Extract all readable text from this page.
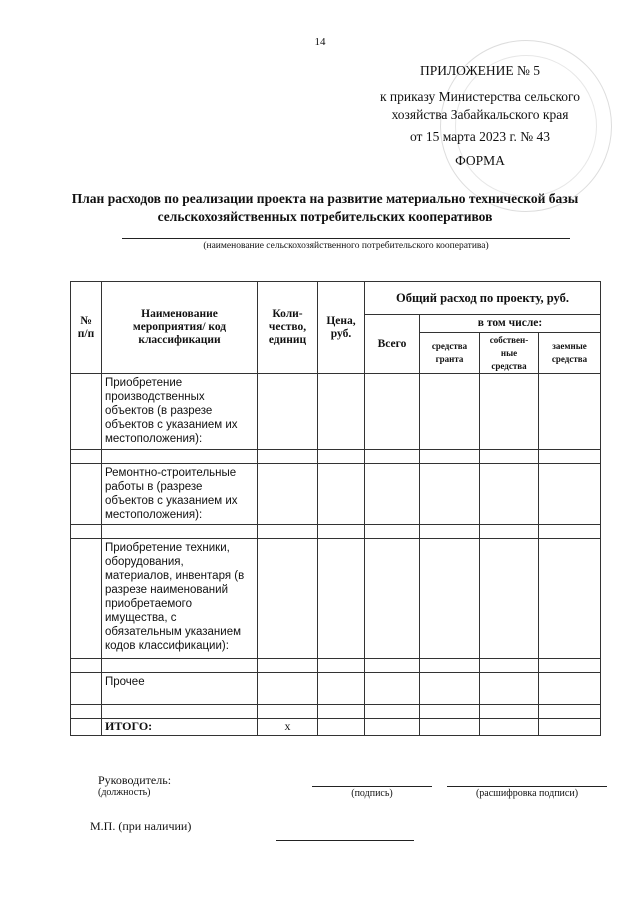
14
ПРИЛОЖЕНИЕ № 5
к приказу Министерства сельского
хозяйства Забайкальского края
от 15 марта 2023 г. № 43
ФОРМА
План расходов по реализации проекта на развитие материально технической базы сельскохозяйственных потребительских кооперативов
(наименование сельскохозяйственного потребительского кооператива)
№ п/п	Наименование мероприятия/ код классификации	Коли-чество, единиц	Цена, руб.	Общий расход по проекту, руб.			
				Всего	в том числе:		
					средства гранта	собствен-ные средства	заемные средства
	Приобретение производственных объектов (в разрезе объектов с указанием их местоположения):						

	Ремонтно-строительные работы в (разрезе объектов с указанием их местоположения):						

	Приобретение техники, оборудования, материалов, инвентаря (в разрезе наименований приобретаемого имущества, с обязательным указанием кодов классификации):						

	Прочее						

	ИТОГО:	х					
Руководитель:
(должность)	(подпись)	(расшифровка подписи)
М.П. (при наличии)
